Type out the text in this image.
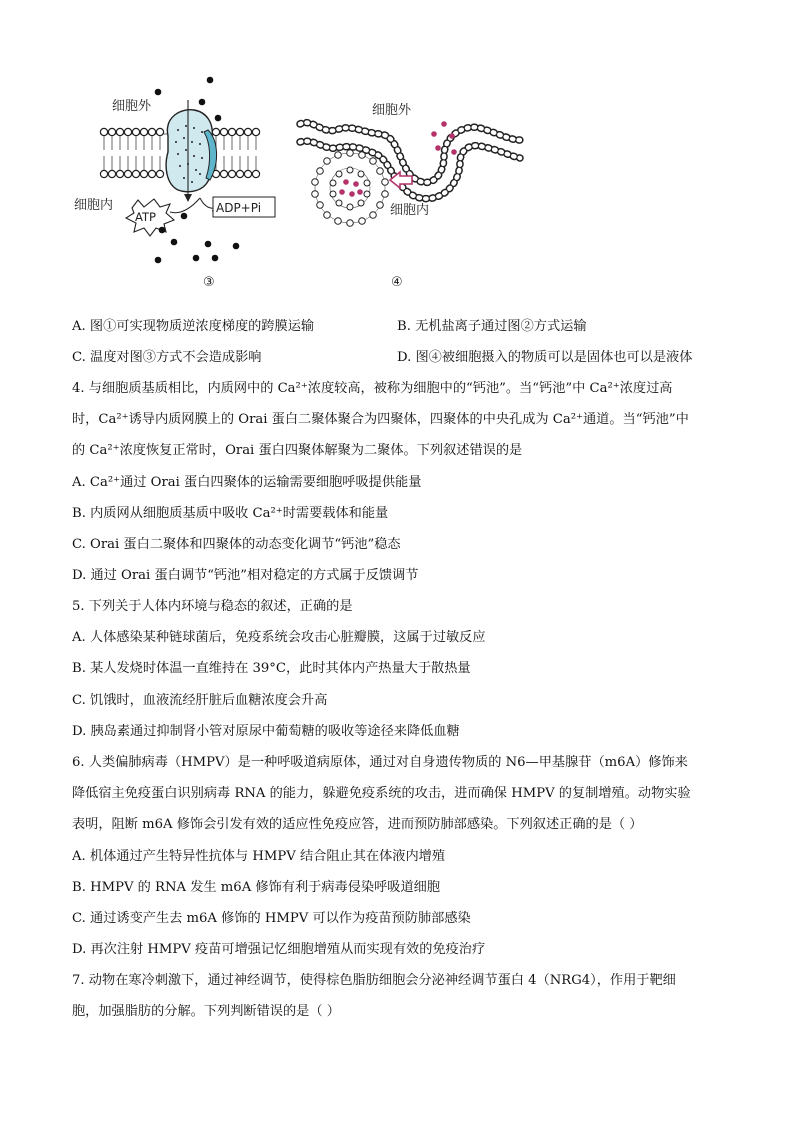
细胞外
细胞内
ATP
ADP+Pi
③
细胞外
细胞内
④
A. 图①可实现物质逆浓度梯度的跨膜运输	B. 无机盐离子通过图②方式运输
C. 温度对图③方式不会造成影响	D. 图④被细胞摄入的物质可以是固体也可以是液体
4. 与细胞质基质相比，内质网中的 Ca²⁺浓度较高，被称为细胞中的“钙池”。当“钙池”中 Ca²⁺浓度过高
时，Ca²⁺诱导内质网膜上的 Orai 蛋白二聚体聚合为四聚体，四聚体的中央孔成为 Ca²⁺通道。当“钙池”中
的 Ca²⁺浓度恢复正常时，Orai 蛋白四聚体解聚为二聚体。下列叙述错误的是
A. Ca²⁺通过 Orai 蛋白四聚体的运输需要细胞呼吸提供能量
B. 内质网从细胞质基质中吸收 Ca²⁺时需要载体和能量
C. Orai 蛋白二聚体和四聚体的动态变化调节“钙池”稳态
D. 通过 Orai 蛋白调节“钙池”相对稳定的方式属于反馈调节
5. 下列关于人体内环境与稳态的叙述，正确的是
A. 人体感染某种链球菌后，免疫系统会攻击心脏瓣膜，这属于过敏反应
B. 某人发烧时体温一直维持在 39°C，此时其体内产热量大于散热量
C. 饥饿时，血液流经肝脏后血糖浓度会升高
D. 胰岛素通过抑制肾小管对原尿中葡萄糖的吸收等途径来降低血糖
6. 人类偏肺病毒（HMPV）是一种呼吸道病原体，通过对自身遗传物质的 N6—甲基腺苷（m6A）修饰来
降低宿主免疫蛋白识别病毒 RNA 的能力，躲避免疫系统的攻击，进而确保 HMPV 的复制增殖。动物实验
表明，阻断 m6A 修饰会引发有效的适应性免疫应答，进而预防肺部感染。下列叙述正确的是（ ）
A. 机体通过产生特异性抗体与 HMPV 结合阻止其在体液内增殖
B. HMPV 的 RNA 发生 m6A 修饰有利于病毒侵染呼吸道细胞
C. 通过诱变产生去 m6A 修饰的 HMPV 可以作为疫苗预防肺部感染
D. 再次注射 HMPV 疫苗可增强记忆细胞增殖从而实现有效的免疫治疗
7. 动物在寒冷刺激下，通过神经调节，使得棕色脂肪细胞会分泌神经调节蛋白 4（NRG4），作用于靶细
胞，加强脂肪的分解。下列判断错误的是（ ）
